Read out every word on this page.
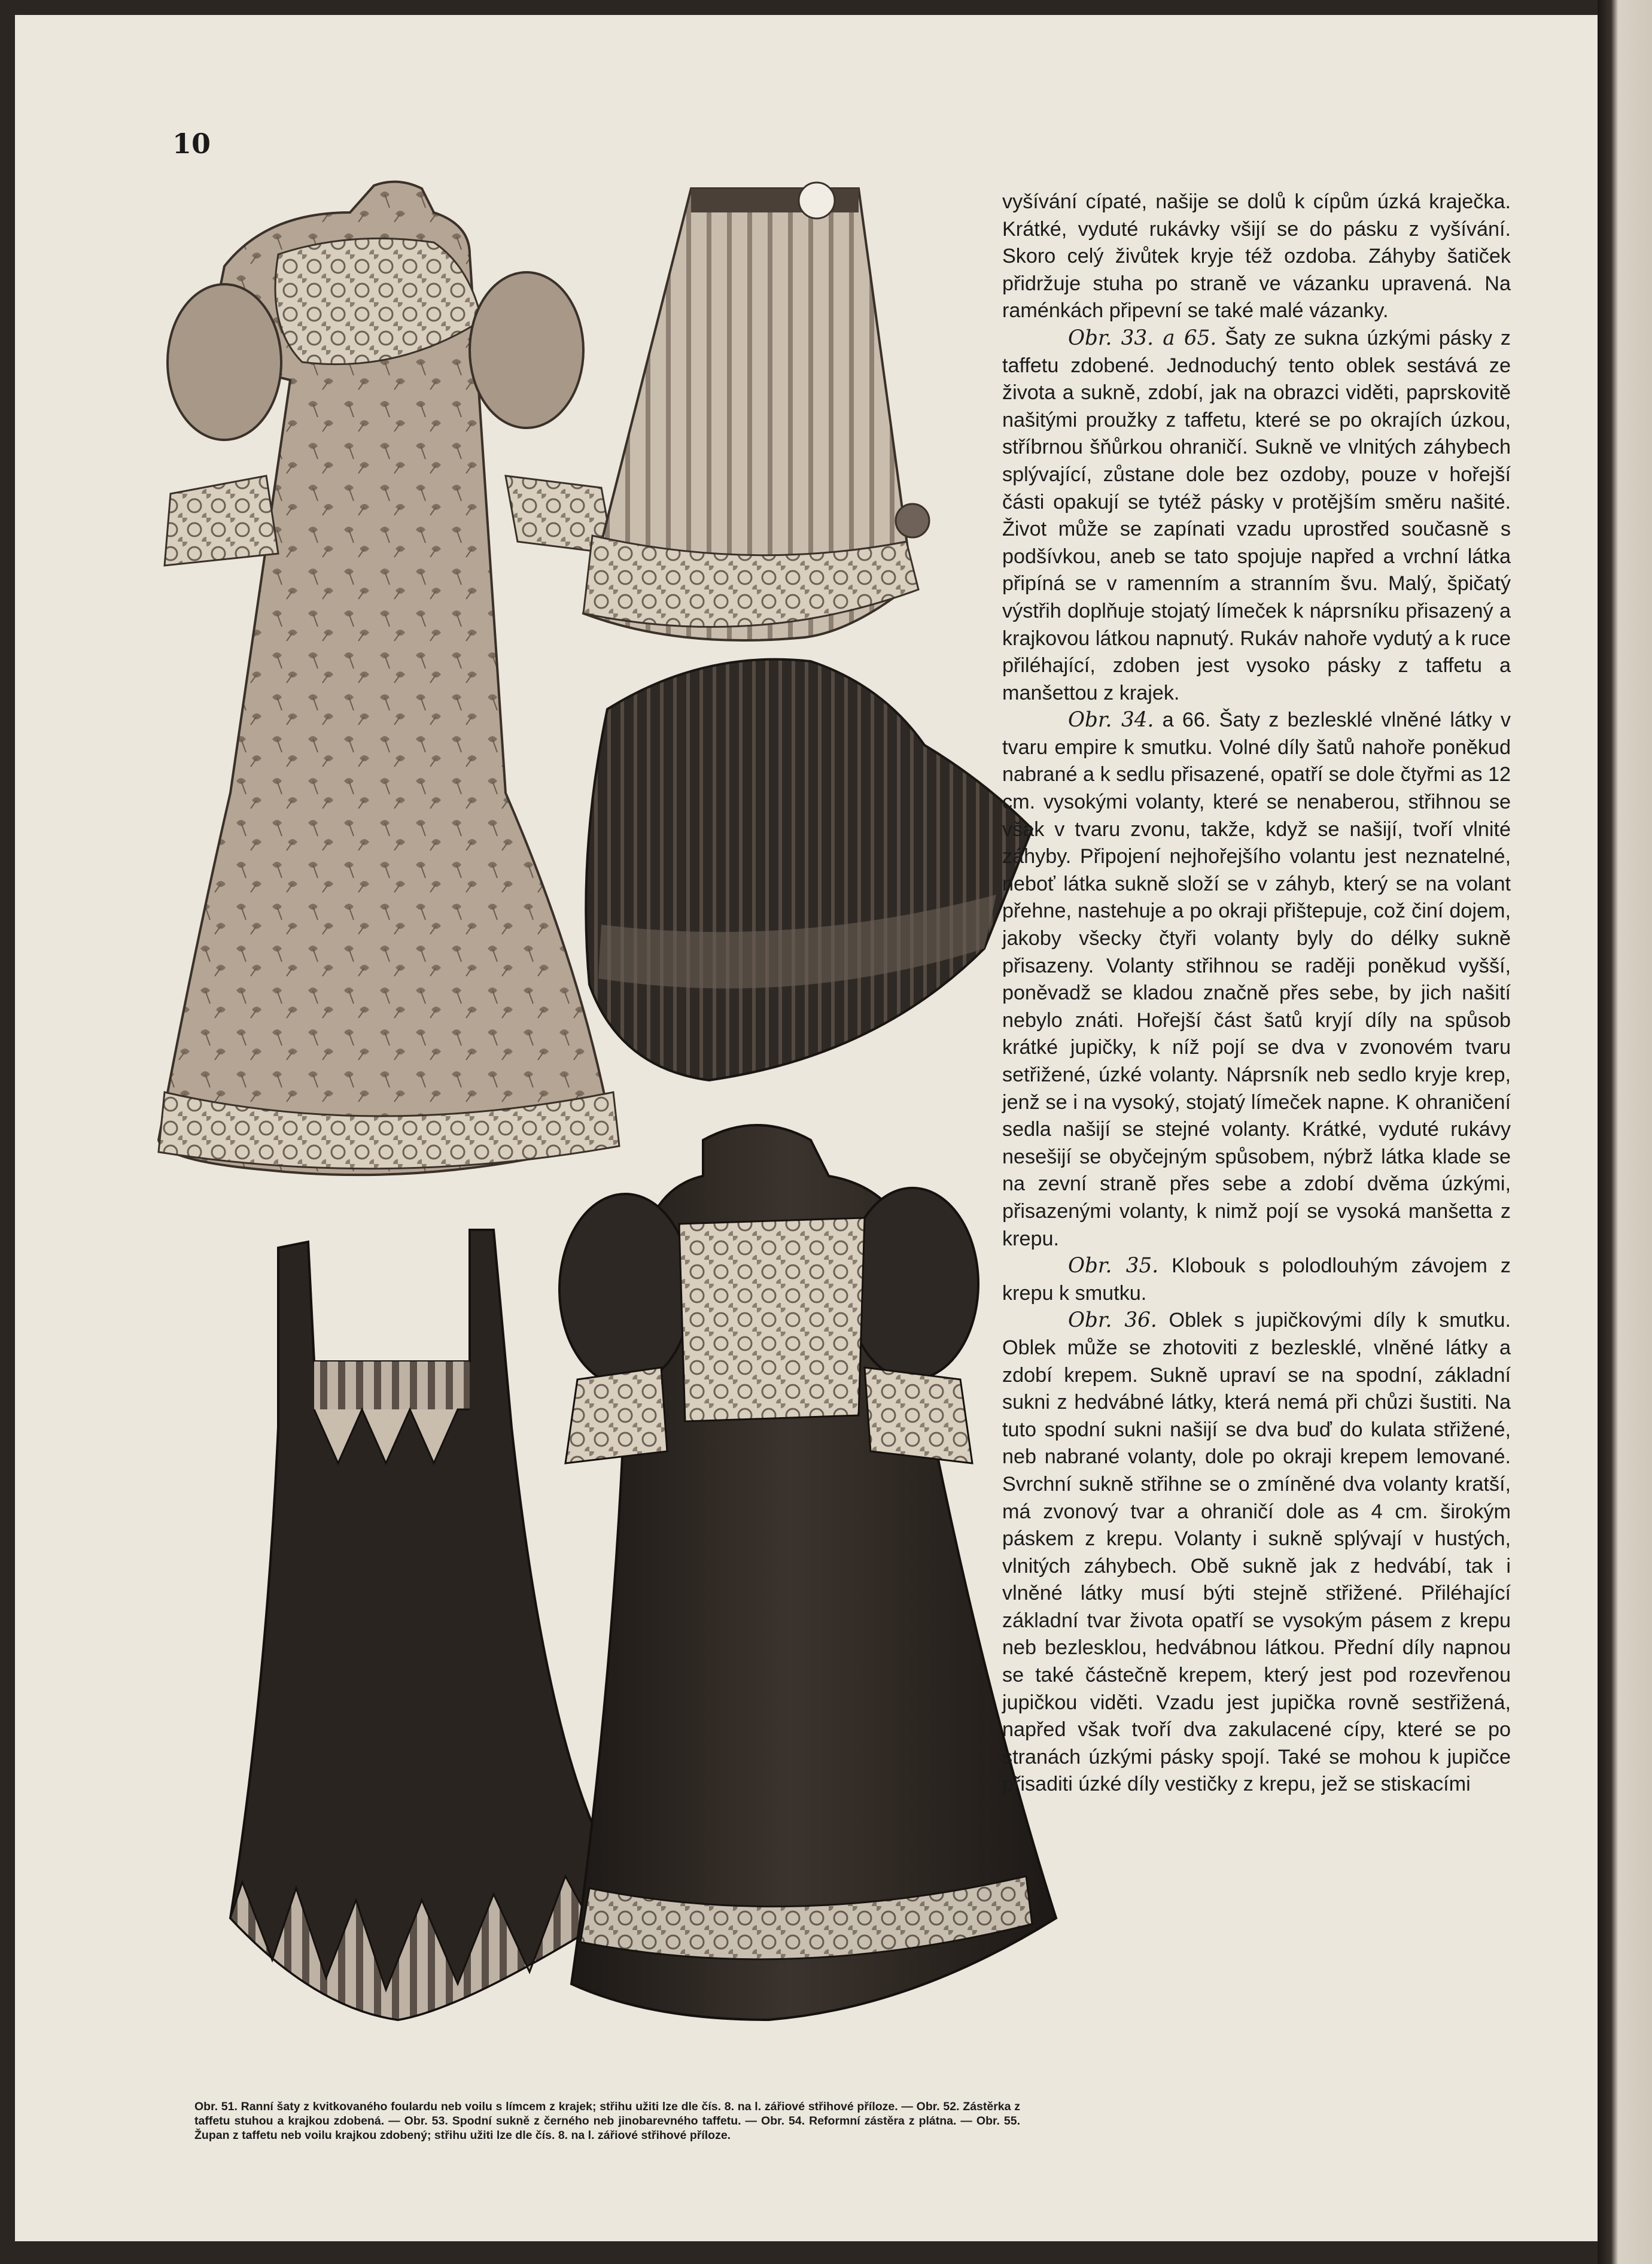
10

vyšívání cípaté, našije se dolů k cípům úzká kraječka. Krátké, vyduté rukávky všijí se do pásku z vyšívání. Skoro celý živůtek kryje též ozdoba. Záhyby šatiček přidržuje stuha po straně ve vázanku upravená. Na raménkách připevní se také malé vázanky.

Obr. 33. a 65. Šaty ze sukna úzkými pásky z taffetu zdobené. Jednoduchý tento oblek sestává ze života a sukně, zdobí, jak na obrazci viděti, paprskovitě našitými proužky z taffetu, které se po okrajích úzkou, stříbrnou šňůrkou ohraničí. Sukně ve vlnitých záhybech splývající, zůstane dole bez ozdoby, pouze v hořejší části opakují se tytéž pásky v protějším směru našité. Život může se zapínati vzadu uprostřed současně s podšívkou, aneb se tato spojuje napřed a vrchní látka připíná se v ramenním a stranním švu. Malý, špičatý výstřih doplňuje stojatý límeček k náprsníku přisazený a krajkovou látkou napnutý. Rukáv nahoře vydutý a k ruce přiléhající, zdoben jest vysoko pásky z taffetu a manšettou z krajek.

Obr. 34. a 66. Šaty z bezlesklé vlněné látky v tvaru empire k smutku. Volné díly šatů nahoře poněkud nabrané a k sedlu přisazené, opatří se dole čtyřmi as 12 cm. vysokými volanty, které se nenaberou, střihnou se však v tvaru zvonu, takže, když se našijí, tvoří vlnité záhyby. Připojení nejhořejšího volantu jest neznatelné, neboť látka sukně složí se v záhyb, který se na volant přehne, nastehuje a po okraji přištepuje, což činí dojem, jakoby všecky čtyři volanty byly do délky sukně přisazeny. Volanty střihnou se raději poněkud vyšší, poněvadž se kladou značně přes sebe, by jich našití nebylo znáti. Hořejší část šatů kryjí díly na spůsob krátké jupičky, k níž pojí se dva v zvonovém tvaru setřižené, úzké volanty. Náprsník neb sedlo kryje krep, jenž se i na vysoký, stojatý límeček napne. K ohraničení sedla našijí se stejné volanty. Krátké, vyduté rukávy nesešijí se obyčejným spůsobem, nýbrž látka klade se na zevní straně přes sebe a zdobí dvěma úzkými, přisazenými volanty, k nimž pojí se vysoká manšetta z krepu.

Obr. 35. Klobouk s polodlouhým závojem z krepu k smutku.

Obr. 36. Oblek s jupičkovými díly k smutku. Oblek může se zhotoviti z bezlesklé, vlněné látky a zdobí krepem. Sukně upraví se na spodní, základní sukni z hedvábné látky, která nemá při chůzi šustiti. Na tuto spodní sukni našijí se dva buď do kulata střižené, neb nabrané volanty, dole po okraji krepem lemované. Svrchní sukně střihne se o zmíněné dva volanty kratší, má zvonový tvar a ohraničí dole as 4 cm. širokým páskem z krepu. Volanty i sukně splývají v hustých, vlnitých záhybech. Obě sukně jak z hedvábí, tak i vlněné látky musí býti stejně střižené. Přiléhající základní tvar života opatří se vysokým pásem z krepu neb bezlesklou, hedvábnou látkou. Přední díly napnou se také částečně krepem, který jest pod rozevřenou jupičkou viděti. Vzadu jest jupička rovně sestřižená, napřed však tvoří dva zakulacené cípy, které se po stranách úzkými pásky spojí. Také se mohou k jupičce přisaditi úzké díly vestičky z krepu, jež se stiskacími

Obr. 51. Ranní šaty z kvitkovaného foulardu neb voilu s límcem z krajek; střihu užiti lze dle čís. 8. na l. zářiové střihové příloze. — Obr. 52. Zástěrka z taffetu stuhou a krajkou zdobená. — Obr. 53. Spodní sukně z černého neb jinobarevného taffetu. — Obr. 54. Reformní zástěra z plátna. — Obr. 55. Župan z taffetu neb voilu krajkou zdobený; střihu užiti lze dle čís. 8. na l. zářiové střihové příloze.
